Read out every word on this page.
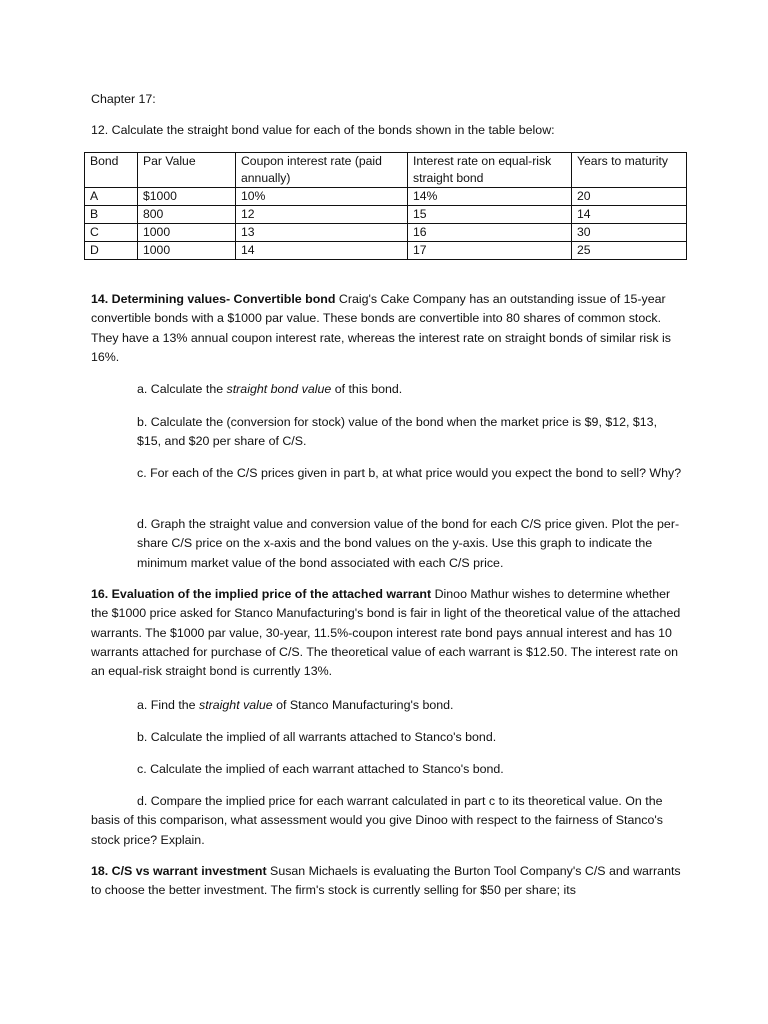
Chapter 17:
12. Calculate the straight bond value for each of the bonds shown in the table below:
Bond	Par Value	Coupon interest rate (paid annually)	Interest rate on equal-risk straight bond	Years to maturity
A	$1000	10%	14%	20
B	800	12	15	14
C	1000	13	16	30
D	1000	14	17	25
14. Determining values- Convertible bond Craig's Cake Company has an outstanding issue of 15-year convertible bonds with a $1000 par value. These bonds are convertible into 80 shares of common stock. They have a 13% annual coupon interest rate, whereas the interest rate on straight bonds of similar risk is 16%.
a. Calculate the straight bond value of this bond.
b. Calculate the (conversion for stock) value of the bond when the market price is $9, $12, $13, $15, and $20 per share of C/S.
c. For each of the C/S prices given in part b, at what price would you expect the bond to sell? Why?
d. Graph the straight value and conversion value of the bond for each C/S price given. Plot the per-share C/S price on the x-axis and the bond values on the y-axis. Use this graph to indicate the minimum market value of the bond associated with each C/S price.
16. Evaluation of the implied price of the attached warrant Dinoo Mathur wishes to determine whether the $1000 price asked for Stanco Manufacturing's bond is fair in light of the theoretical value of the attached warrants. The $1000 par value, 30-year, 11.5%-coupon interest rate bond pays annual interest and has 10 warrants attached for purchase of C/S. The theoretical value of each warrant is $12.50. The interest rate on an equal-risk straight bond is currently 13%.
a. Find the straight value of Stanco Manufacturing's bond.
b. Calculate the implied of all warrants attached to Stanco's bond.
c. Calculate the implied of each warrant attached to Stanco's bond.
d. Compare the implied price for each warrant calculated in part c to its theoretical value. On the basis of this comparison, what assessment would you give Dinoo with respect to the fairness of Stanco's stock price? Explain.
18. C/S vs warrant investment Susan Michaels is evaluating the Burton Tool Company's C/S and warrants to choose the better investment. The firm's stock is currently selling for $50 per share; its
